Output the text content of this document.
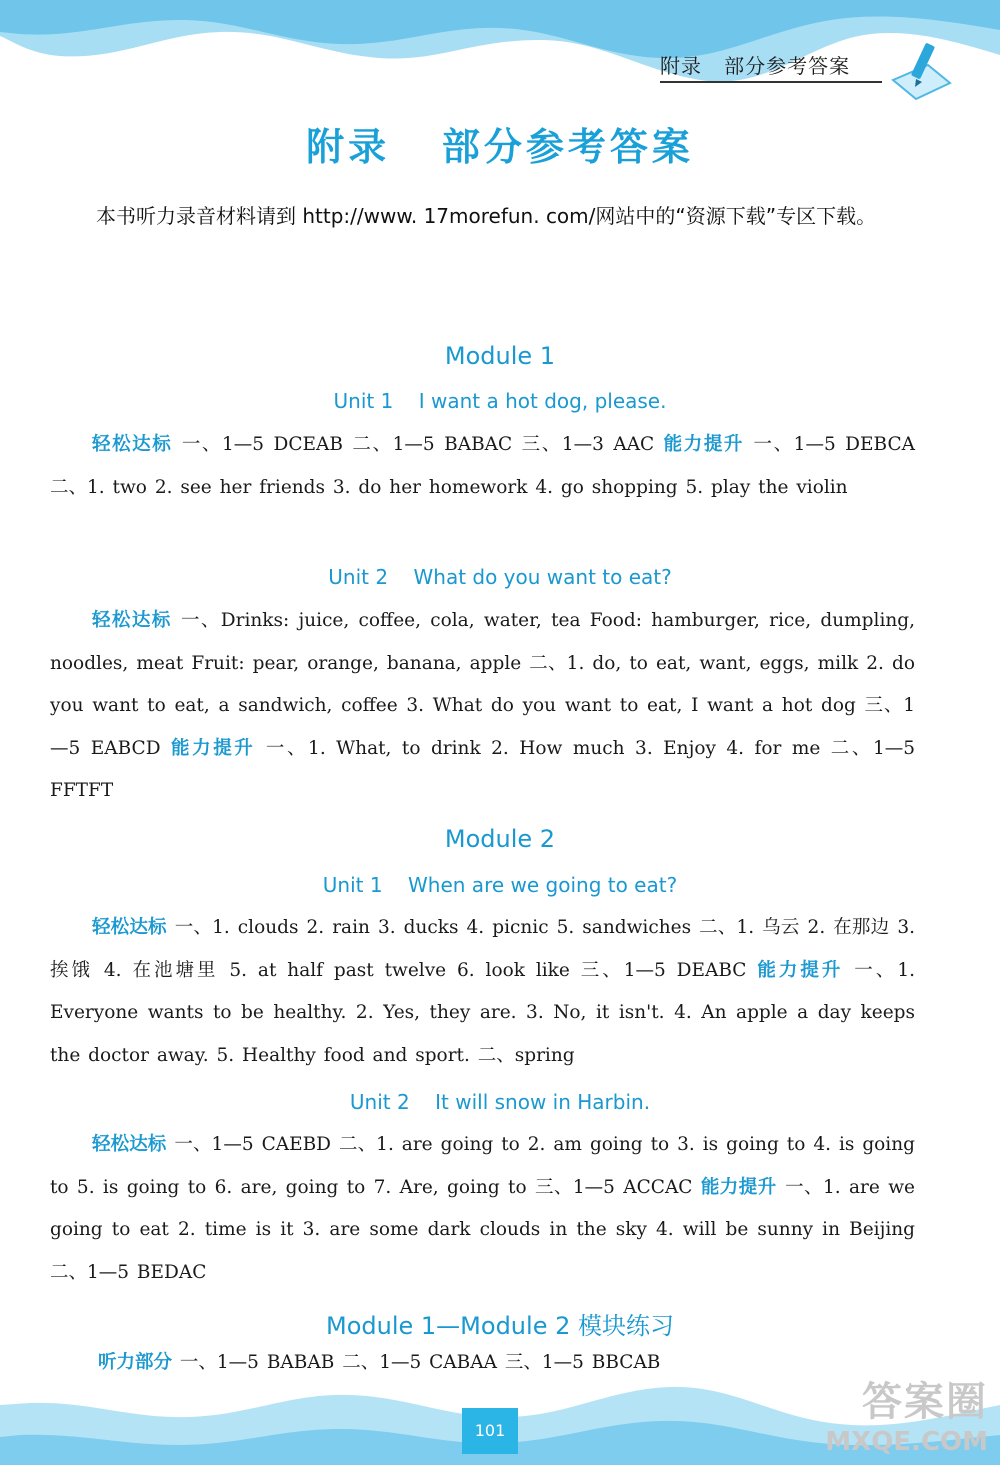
附录   部分参考答案
附录   部分参考答案

本书听力录音材料请到 http://www. 17morefun. com/网站中的“资源下载”专区下载。

Module 1
Unit 1    I want a hot dog, please.
轻松达标 一、1—5 DCEAB 二、1—5 BABAC 三、1—3 AAC 能力提升 一、1—5 DEBCA 二、1. two 2. see her friends 3. do her homework 4. go shopping 5. play the violin
Unit 2    What do you want to eat?
轻松达标 一、Drinks: juice, coffee, cola, water, tea Food: hamburger, rice, dumpling, noodles, meat Fruit: pear, orange, banana, apple 二、1. do, to eat, want, eggs, milk 2. do you want to eat, a sandwich, coffee 3. What do you want to eat, I want a hot dog 三、1—5 EABCD 能力提升 一、1. What, to drink 2. How much 3. Enjoy 4. for me 二、1—5 FFTFT
Module 2
Unit 1    When are we going to eat?
轻松达标 一、1. clouds 2. rain 3. ducks 4. picnic 5. sandwiches 二、1. 乌云 2. 在那边 3. 挨饿 4. 在池塘里 5. at half past twelve 6. look like 三、1—5 DEABC 能力提升 一、1. Everyone wants to be healthy. 2. Yes, they are. 3. No, it isn't. 4. An apple a day keeps the doctor away. 5. Healthy food and sport. 二、spring
Unit 2    It will snow in Harbin.
轻松达标 一、1—5 CAEBD 二、1. are going to 2. am going to 3. is going to 4. is going to 5. is going to 6. are, going to 7. Are, going to 三、1—5 ACCAC 能力提升 一、1. are we going to eat 2. time is it 3. are some dark clouds in the sky 4. will be sunny in Beijing 二、1—5 BEDAC
Module 1—Module 2 模块练习
听力部分 一、1—5 BABAB 二、1—5 CABAA 三、1—5 BBCAB
101
答案圈
MXQE.COM
